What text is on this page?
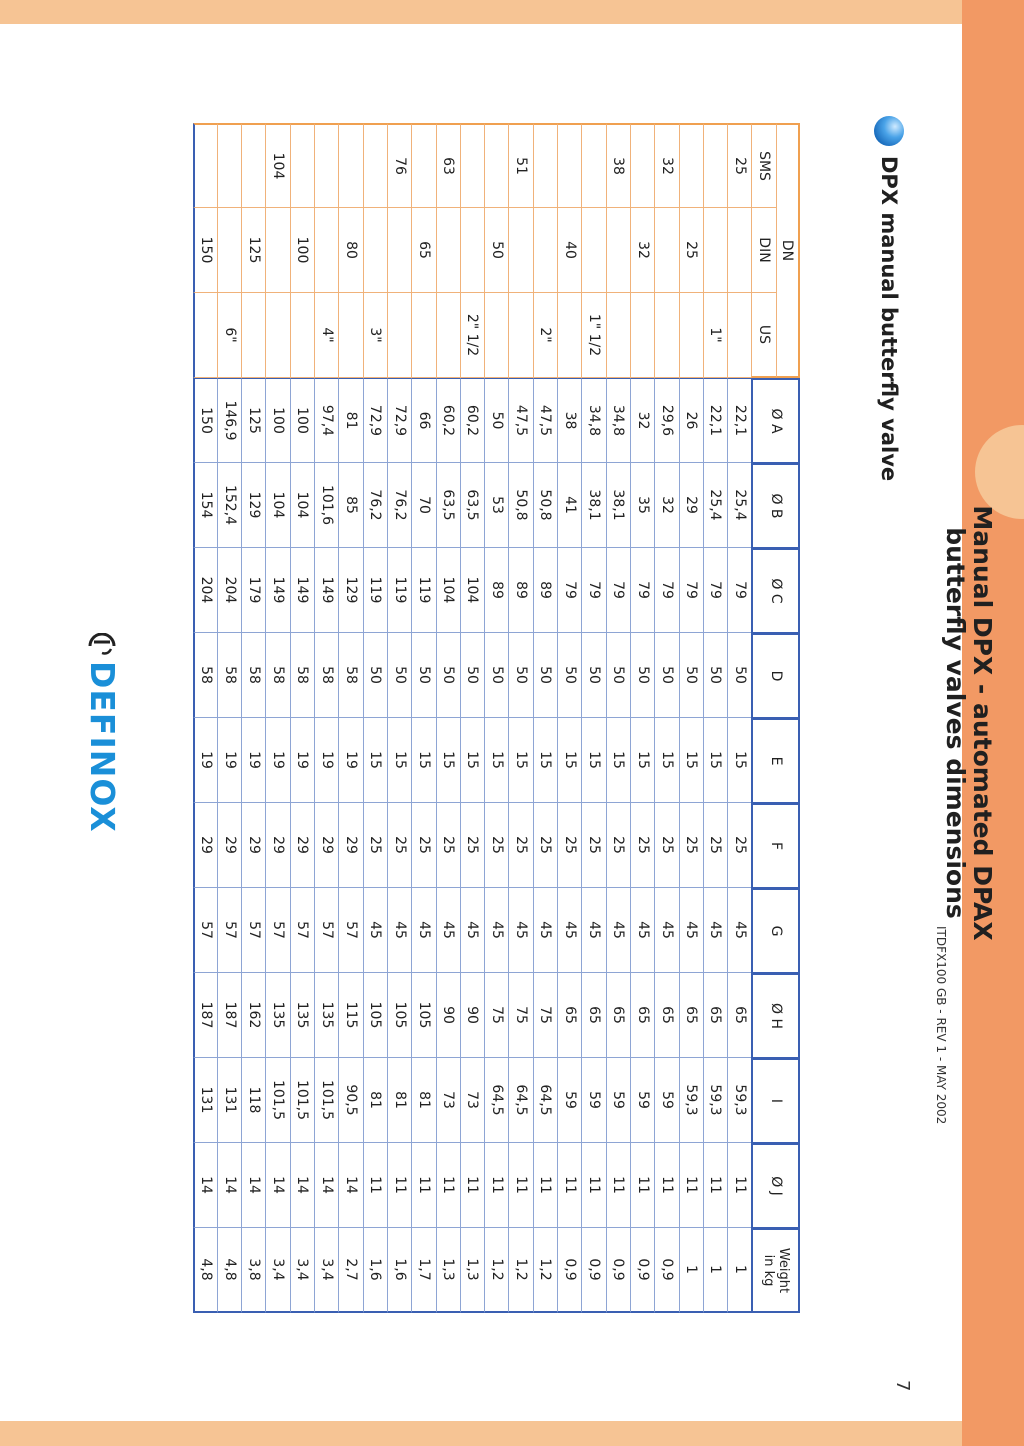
Manual DPX - automated DPAX
butterfly valves dimensions
ITDFX100 GB - REV 1 - MAY 2002
7
DPX manual butterfly valve
DN
Ø A
Ø B
Ø C
D
E
F
G
Ø H
I
Ø J
Weight
in kg
SMS
DIN
US
25
22,1
25,4
79
50
15
25
45
65
59,3
11
1
1"
22,1
25,4
79
50
15
25
45
65
59,3
11
1
25
26
29
79
50
15
25
45
65
59,3
11
1
32
29,6
32
79
50
15
25
45
65
59
11
0,9
32
32
35
79
50
15
25
45
65
59
11
0,9
38
34,8
38,1
79
50
15
25
45
65
59
11
0,9
1" 1/2
34,8
38,1
79
50
15
25
45
65
59
11
0,9
40
38
41
79
50
15
25
45
65
59
11
0,9
2"
47,5
50,8
89
50
15
25
45
75
64,5
11
1,2
51
47,5
50,8
89
50
15
25
45
75
64,5
11
1,2
50
50
53
89
50
15
25
45
75
64,5
11
1,2
2" 1/2
60,2
63,5
104
50
15
25
45
90
73
11
1,3
63
60,2
63,5
104
50
15
25
45
90
73
11
1,3
65
66
70
119
50
15
25
45
105
81
11
1,7
76
72,9
76,2
119
50
15
25
45
105
81
11
1,6
3"
72,9
76,2
119
50
15
25
45
105
81
11
1,6
80
81
85
129
58
19
29
57
115
90,5
14
2,7
4"
97,4
101,6
149
58
19
29
57
135
101,5
14
3,4
100
100
104
149
58
19
29
57
135
101,5
14
3,4
104
100
104
149
58
19
29
57
135
101,5
14
3,4
125
125
129
179
58
19
29
57
162
118
14
3,8
6"
146,9
152,4
204
58
19
29
57
187
131
14
4,8
150
150
154
204
58
19
29
57
187
131
14
4,8
DEFINOX
